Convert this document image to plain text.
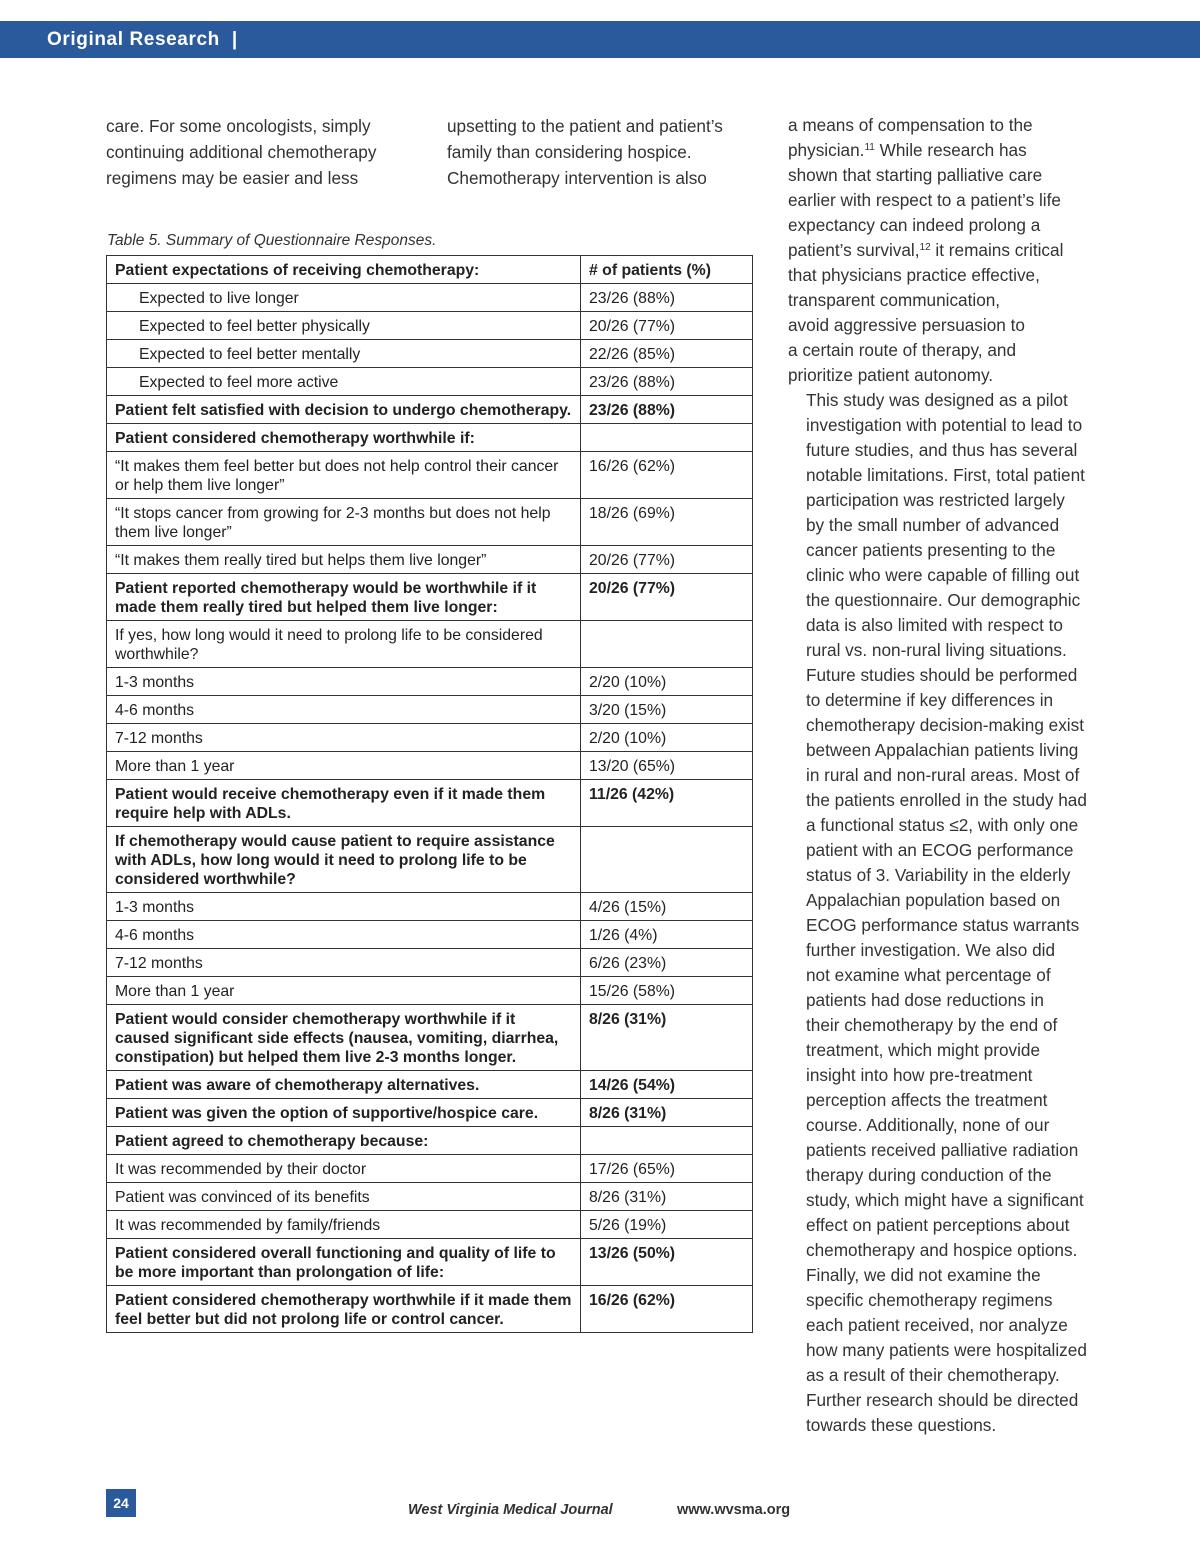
Original Research |
care. For some oncologists, simply
continuing additional chemotherapy
regimens may be easier and less
upsetting to the patient and patient’s
family than considering hospice.
Chemotherapy intervention is also

a means of compensation to the
physician.$^{11}$ While research has
shown that starting palliative care
earlier with respect to a patient’s life
expectancy can indeed prolong a
patient’s survival,$^{12}$ it remains critical
that physicians practice effective,
transparent communication,
avoid aggressive persuasion to
a certain route of therapy, and
prioritize patient autonomy.

This study was designed as a pilot
investigation with potential to lead to
future studies, and thus has several
notable limitations. First, total patient
participation was restricted largely
by the small number of advanced
cancer patients presenting to the
clinic who were capable of filling out
the questionnaire. Our demographic
data is also limited with respect to
rural vs. non-rural living situations.
Future studies should be performed
to determine if key differences in
chemotherapy decision-making exist
between Appalachian patients living
in rural and non-rural areas. Most of
the patients enrolled in the study had
a functional status ≤2, with only one
patient with an ECOG performance
status of 3. Variability in the elderly
Appalachian population based on
ECOG performance status warrants
further investigation. We also did
not examine what percentage of
patients had dose reductions in
their chemotherapy by the end of
treatment, which might provide
insight into how pre-treatment
perception affects the treatment
course. Additionally, none of our
patients received palliative radiation
therapy during conduction of the
study, which might have a significant
effect on patient perceptions about
chemotherapy and hospice options.
Finally, we did not examine the
specific chemotherapy regimens
each patient received, nor analyze
how many patients were hospitalized
as a result of their chemotherapy.
Further research should be directed
towards these questions.

Table 5. Summary of Questionnaire Responses.
Patient expectations of receiving chemotherapy:	# of patients (%)
Expected to live longer	23/26 (88%)
Expected to feel better physically	20/26 (77%)
Expected to feel better mentally	22/26 (85%)
Expected to feel more active	23/26 (88%)
Patient felt satisfied with decision to undergo chemotherapy.	23/26 (88%)
Patient considered chemotherapy worthwhile if:	
“It makes them feel better but does not help control their cancer or help them live longer”	16/26 (62%)
“It stops cancer from growing for 2-3 months but does not help them live longer”	18/26 (69%)
“It makes them really tired but helps them live longer”	20/26 (77%)
Patient reported chemotherapy would be worthwhile if it made them really tired but helped them live longer:	20/26 (77%)
If yes, how long would it need to prolong life to be considered worthwhile?	
1-3 months	2/20 (10%)
4-6 months	3/20 (15%)
7-12 months	2/20 (10%)
More than 1 year	13/20 (65%)
Patient would receive chemotherapy even if it made them require help with ADLs.	11/26 (42%)
If chemotherapy would cause patient to require assistance with ADLs, how long would it need to prolong life to be considered worthwhile?	
1-3 months	4/26 (15%)
4-6 months	1/26 (4%)
7-12 months	6/26 (23%)
More than 1 year	15/26 (58%)
Patient would consider chemotherapy worthwhile if it caused significant side effects (nausea, vomiting, diarrhea, constipation) but helped them live 2-3 months longer.	8/26 (31%)
Patient was aware of chemotherapy alternatives.	14/26 (54%)
Patient was given the option of supportive/hospice care.	8/26 (31%)
Patient agreed to chemotherapy because:	
It was recommended by their doctor	17/26 (65%)
Patient was convinced of its benefits	8/26 (31%)
It was recommended by family/friends	5/26 (19%)
Patient considered overall functioning and quality of life to be more important than prolongation of life:	13/26 (50%)
Patient considered chemotherapy worthwhile if it made them feel better but did not prolong life or control cancer.	16/26 (62%)
24	West Virginia Medical Journal	www.wvsma.org
